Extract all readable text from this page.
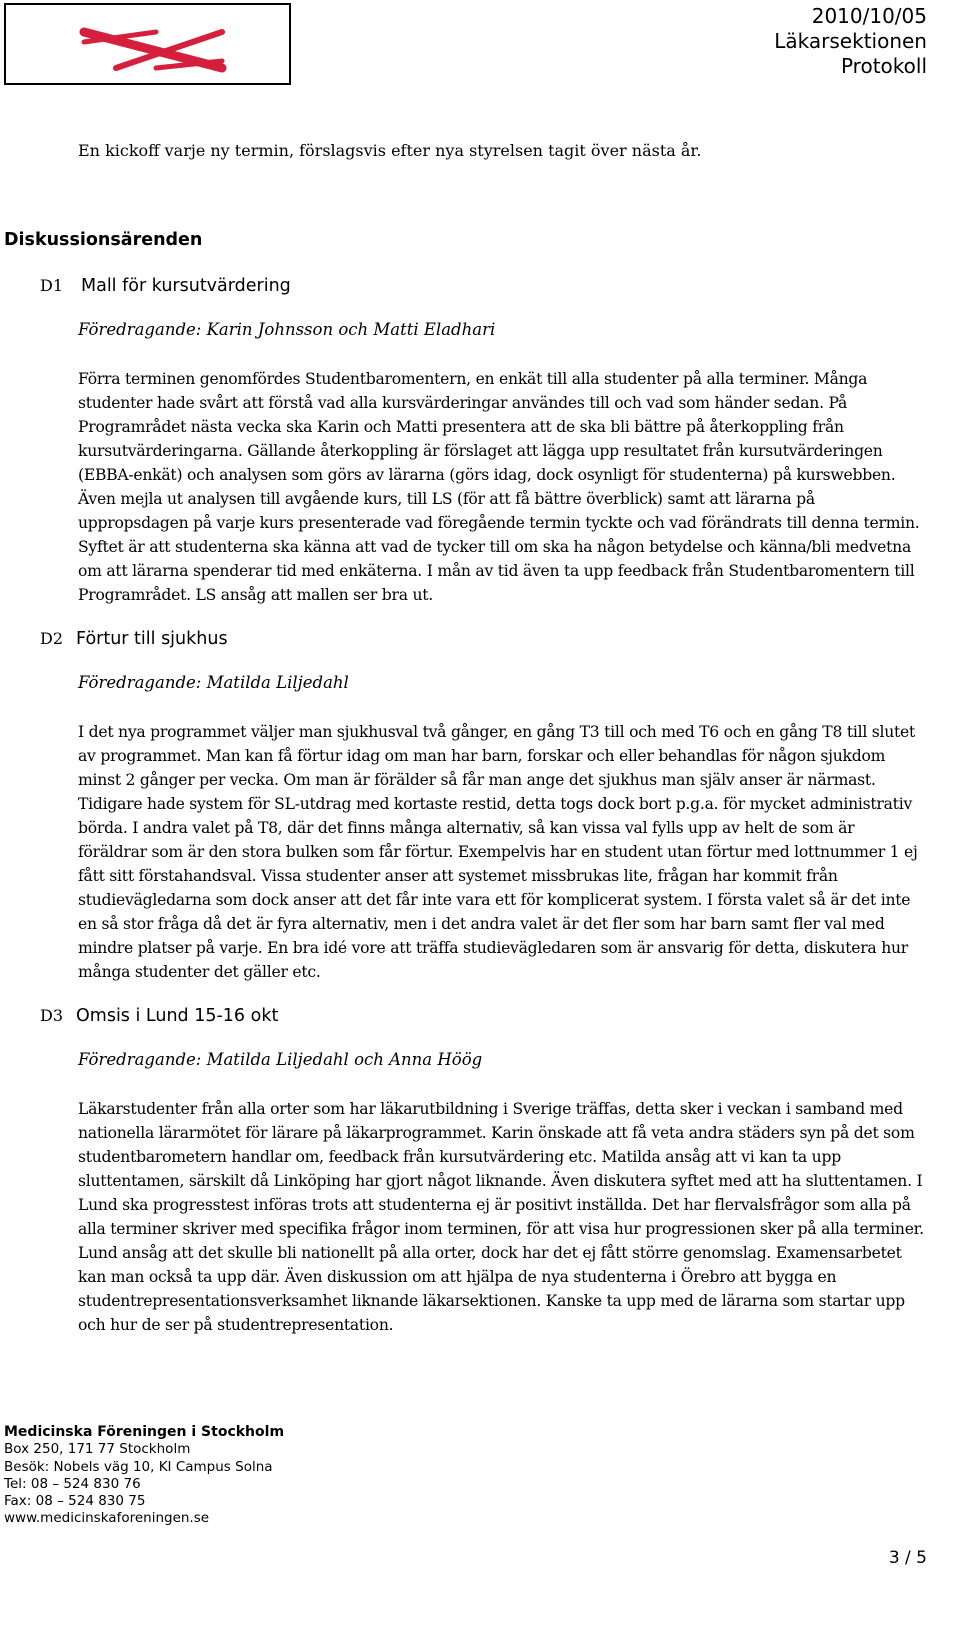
2010/10/05
Läkarsektionen
Protokoll
En kickoff varje ny termin, förslagsvis efter nya styrelsen tagit över nästa år.
Diskussionsärenden
D1 Mall för kursutvärdering
Föredragande: Karin Johnsson och Matti Eladhari
Förra terminen genomfördes Studentbaromentern, en enkät till alla studenter på alla terminer. Många studenter hade svårt att förstå vad alla kursvärderingar användes till och vad som händer sedan. På Programrådet nästa vecka ska Karin och Matti presentera att de ska bli bättre på återkoppling från kursutvärderingarna. Gällande återkoppling är förslaget att lägga upp resultatet från kursutvärderingen (EBBA-enkät) och analysen som görs av lärarna (görs idag, dock osynligt för studenterna) på kurswebben. Även mejla ut analysen till avgående kurs, till LS (för att få bättre överblick) samt att lärarna på uppropsdagen på varje kurs presenterade vad föregående termin tyckte och vad förändrats till denna termin. Syftet är att studenterna ska känna att vad de tycker till om ska ha någon betydelse och känna/bli medvetna om att lärarna spenderar tid med enkäterna. I mån av tid även ta upp feedback från Studentbaromentern till Programrådet. LS ansåg att mallen ser bra ut.
D2 Förtur till sjukhus
Föredragande: Matilda Liljedahl
I det nya programmet väljer man sjukhusval två gånger, en gång T3 till och med T6 och en gång T8 till slutet av programmet. Man kan få förtur idag om man har barn, forskar och eller behandlas för någon sjukdom minst 2 gånger per vecka. Om man är förälder så får man ange det sjukhus man själv anser är närmast. Tidigare hade system för SL-utdrag med kortaste restid, detta togs dock bort p.g.a. för mycket administrativ börda. I andra valet på T8, där det finns många alternativ, så kan vissa val fylls upp av helt de som är föräldrar som är den stora bulken som får förtur. Exempelvis har en student utan förtur med lottnummer 1 ej fått sitt förstahandsval. Vissa studenter anser att systemet missbrukas lite, frågan har kommit från studievägledarna som dock anser att det får inte vara ett för komplicerat system. I första valet så är det inte en så stor fråga då det är fyra alternativ, men i det andra valet är det fler som har barn samt fler val med mindre platser på varje. En bra idé vore att träffa studievägledaren som är ansvarig för detta, diskutera hur många studenter det gäller etc.
D3 Omsis i Lund 15-16 okt
Föredragande: Matilda Liljedahl och Anna Höög
Läkarstudenter från alla orter som har läkarutbildning i Sverige träffas, detta sker i veckan i samband med nationella lärarmötet för lärare på läkarprogrammet. Karin önskade att få veta andra städers syn på det som studentbarometern handlar om, feedback från kursutvärdering etc. Matilda ansåg att vi kan ta upp sluttentamen, särskilt då Linköping har gjort något liknande. Även diskutera syftet med att ha sluttentamen. I Lund ska progresstest införas trots att studenterna ej är positivt inställda. Det har flervalsfrågor som alla på alla terminer skriver med specifika frågor inom terminen, för att visa hur progressionen sker på alla terminer. Lund ansåg att det skulle bli nationellt på alla orter, dock har det ej fått större genomslag. Examensarbetet kan man också ta upp där. Även diskussion om att hjälpa de nya studenterna i Örebro att bygga en studentrepresentationsverksamhet liknande läkarsektionen. Kanske ta upp med de lärarna som startar upp och hur de ser på studentrepresentation.
Medicinska Föreningen i Stockholm
Box 250, 171 77 Stockholm
Besök: Nobels väg 10, KI Campus Solna
Tel: 08 – 524 830 76
Fax: 08 – 524 830 75
www.medicinskaforeningen.se
3 / 5
